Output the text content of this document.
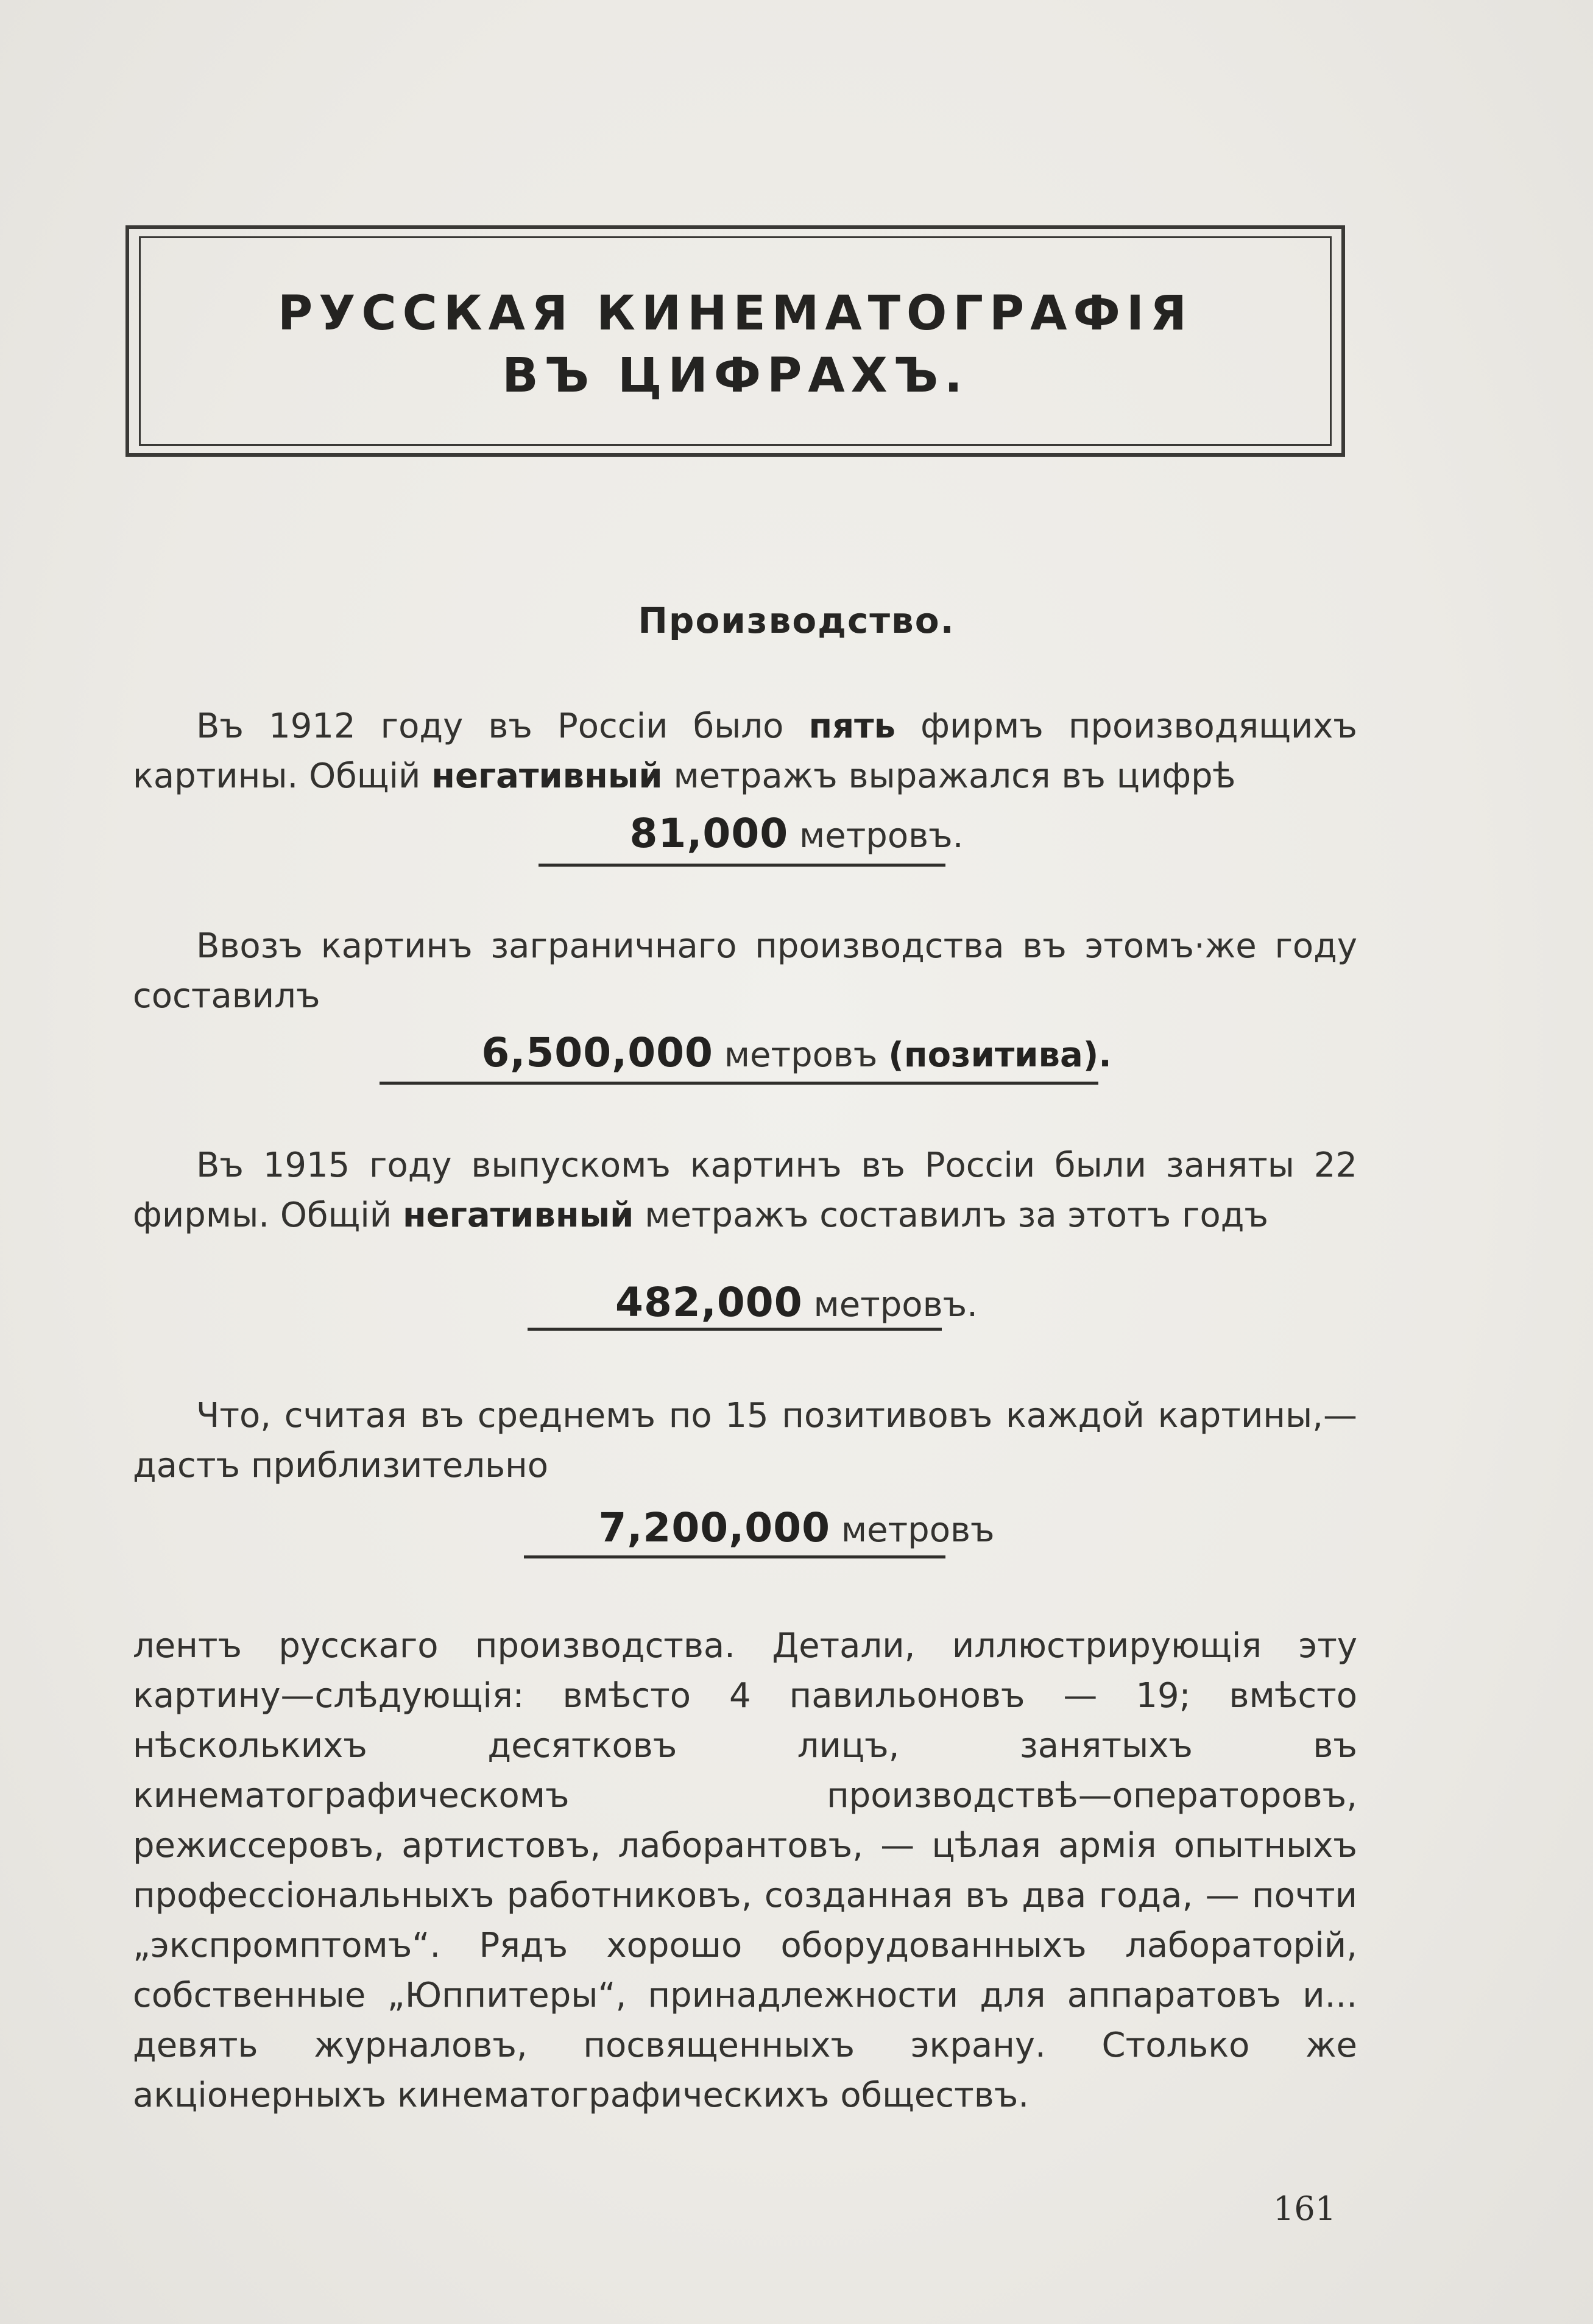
РУССКАЯ КИНЕМАТОГРАФІЯ
ВЪ ЦИФРАХЪ.
Производство.
Въ 1912 году въ Россiи было пять фирмъ производящихъ картины. Общiй негативный метражъ выражался въ цифрѣ
81,000 метровъ.
Ввозъ картинъ заграничнаго производства въ этомъ·же году составилъ
6,500,000 метровъ (позитива).
Въ 1915 году выпускомъ картинъ въ Россiи были заняты 22 фирмы. Общiй негативный метражъ составилъ за этотъ годъ
482,000 метровъ.
Что, считая въ среднемъ по 15 позитивовъ каждой картины,—дастъ приблизительно
7,200,000 метровъ
лентъ русскаго производства. Детали, иллюстрирующiя эту картину—слѣдующiя: вмѣсто 4 павильоновъ — 19; вмѣсто нѣсколькихъ десятковъ лицъ, занятыхъ въ кинематографическомъ производствѣ—операторовъ, режиссеровъ, артистовъ, лаборантовъ, — цѣлая армiя опытныхъ профессiональныхъ работниковъ, созданная въ два года, — почти „экспромптомъ“. Рядъ хорошо оборудованныхъ лабораторiй, собственные „Юппитеры“, принадлежности для аппаратовъ и... девять журналовъ, посвященныхъ экрану. Столько же акцiонерныхъ кинематографическихъ обществъ.
161
